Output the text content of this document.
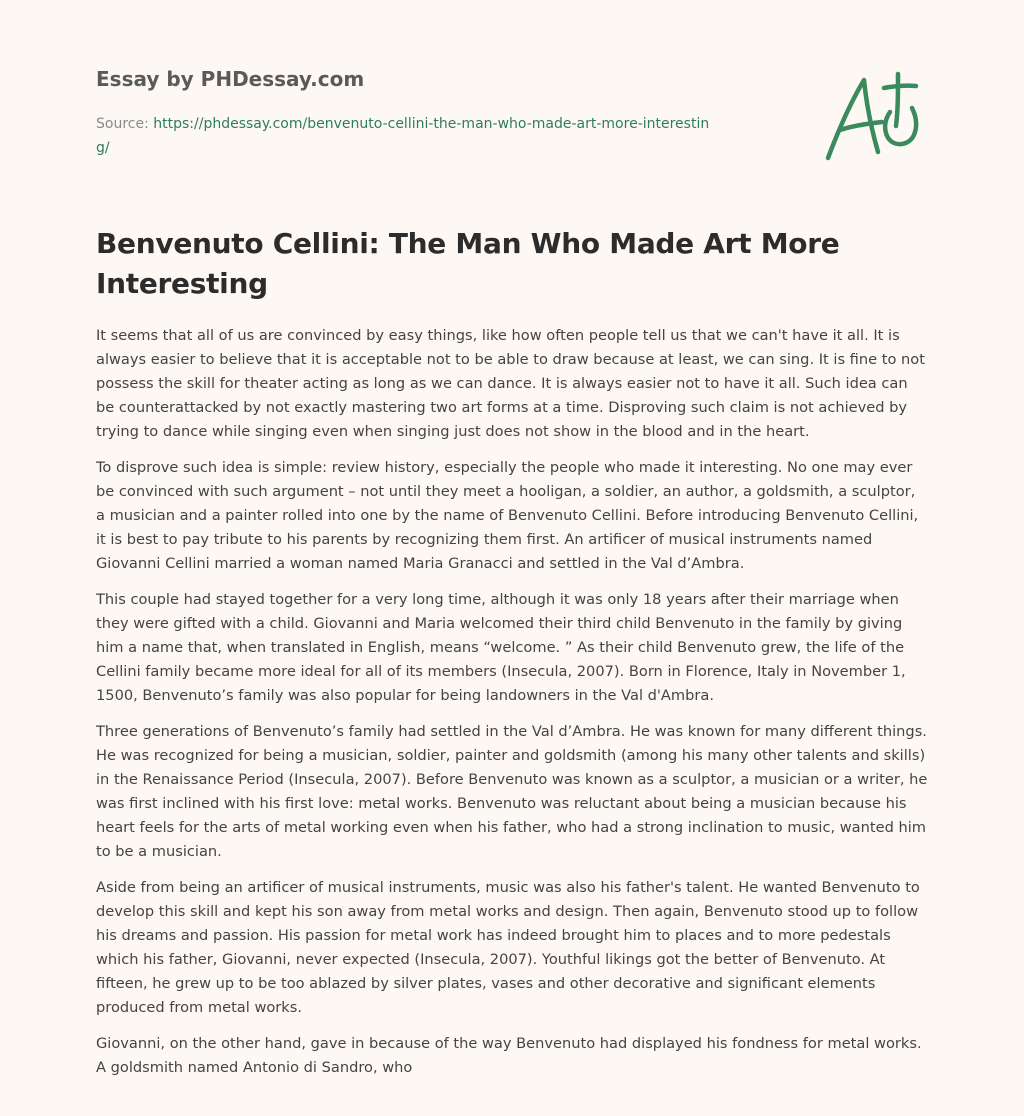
Essay by PHDessay.com
Source: https://phdessay.com/benvenuto-cellini-the-man-who-made-art-more-interesting/
Benvenuto Cellini: The Man Who Made Art More Interesting

It seems that all of us are convinced by easy things, like how often people tell us that we can't have it all. It is always easier to believe that it is acceptable not to be able to draw because at least, we can sing. It is fine to not possess the skill for theater acting as long as we can dance. It is always easier not to have it all. Such idea can be counterattacked by not exactly mastering two art forms at a time. Disproving such claim is not achieved by trying to dance while singing even when singing just does not show in the blood and in the heart.

To disprove such idea is simple: review history, especially the people who made it interesting. No one may ever be convinced with such argument – not until they meet a hooligan, a soldier, an author, a goldsmith, a sculptor, a musician and a painter rolled into one by the name of Benvenuto Cellini. Before introducing Benvenuto Cellini, it is best to pay tribute to his parents by recognizing them first. An artificer of musical instruments named Giovanni Cellini married a woman named Maria Granacci and settled in the Val d’Ambra.

This couple had stayed together for a very long time, although it was only 18 years after their marriage when they were gifted with a child. Giovanni and Maria welcomed their third child Benvenuto in the family by giving him a name that, when translated in English, means “welcome. ” As their child Benvenuto grew, the life of the Cellini family became more ideal for all of its members (Insecula, 2007). Born in Florence, Italy in November 1, 1500, Benvenuto’s family was also popular for being landowners in the Val d'Ambra.

Three generations of Benvenuto’s family had settled in the Val d’Ambra. He was known for many different things. He was recognized for being a musician, soldier, painter and goldsmith (among his many other talents and skills) in the Renaissance Period (Insecula, 2007). Before Benvenuto was known as a sculptor, a musician or a writer, he was first inclined with his first love: metal works. Benvenuto was reluctant about being a musician because his heart feels for the arts of metal working even when his father, who had a strong inclination to music, wanted him to be a musician.

Aside from being an artificer of musical instruments, music was also his father's talent. He wanted Benvenuto to develop this skill and kept his son away from metal works and design. Then again, Benvenuto stood up to follow his dreams and passion. His passion for metal work has indeed brought him to places and to more pedestals which his father, Giovanni, never expected (Insecula, 2007). Youthful likings got the better of Benvenuto. At fifteen, he grew up to be too ablazed by silver plates, vases and other decorative and significant elements produced from metal works.

Giovanni, on the other hand, gave in because of the way Benvenuto had displayed his fondness for metal works. A goldsmith named Antonio di Sandro, who
